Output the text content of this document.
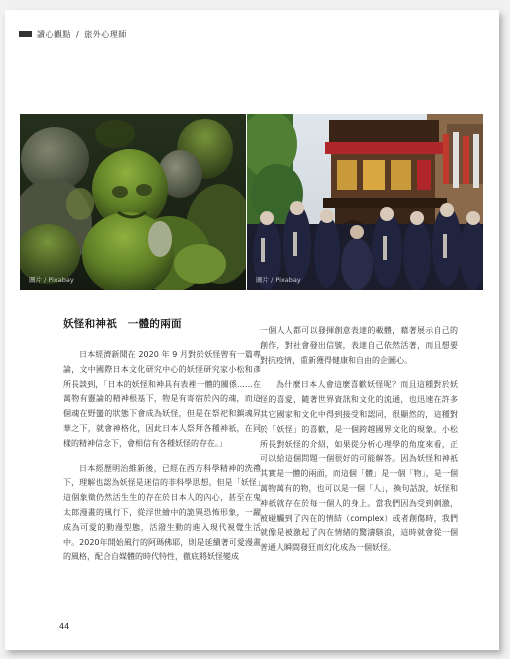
讀心觀點 / 旅外心理師
圖片 / Pixabay	圖片 / Pixabay
妖怪和神祇　一體的兩面

日本經濟新聞在 2020 年 9 月對於妖怪曾有一篇專論，文中國際日本文化研究中心的妖怪研究家小松和彥所長談到，「日本的妖怪和神具有表裡一體的關係……在萬物有靈論的精神根基下，物是有寄宿於內的魂，而這個魂在野蠻的狀態下會成為妖怪，但是在祭祀和鎮魂昇華之下，就會神格化，因此日本人祭拜各種神祇，在同樣的精神信念下，會相信有各種妖怪的存在。」

日本經歷明治維新後，已經在西方科學精神的洗禮下，理解也認為妖怪是迷信的非科學思想。但是「妖怪」這個象徵仍然活生生的存在於日本人的內心，甚至在鬼太郎漫畫的風行下，從浮世繪中的詭異恐怖形象，一躍成為可愛的動漫型態，活潑生動的進入現代視覺生活中。2020年開始風行的阿瑪佛耶，則是延續著可愛漫畫的風格，配合自媒體的時代特性，徹底將妖怪變成

一個人人都可以發揮創意表達的載體，藉著展示自己的創作，對社會發出信號，表達自己依然活著，而且想要對抗疫情，重新獲得健康和自由的企圖心。

為什麼日本人會這麼喜歡妖怪呢？而且這種對於妖怪的喜愛，隨著世界資訊和文化的流通，也迅速在許多其它國家和文化中得到接受和認同，很顯然的，這種對於「妖怪」的喜歡，是一個跨越國界文化的現象。小松所長對妖怪的介紹，如果從分析心理學的角度來看，正可以給這個問題一個很好的可能解答。因為妖怪和神祇其實是一體的兩面，而這個「體」是一個「物」，是一個萬物萬有的物，也可以是一個「人」，換句話說，妖怪和神祇就存在於每一個人的身上。當我們因為受到刺激，被碰觸到了內在的情結（complex）或者創傷時，我們就像是被激起了內在情緒的驚濤駭浪，這時就會從一個普通人瞬間發狂而幻化成為一個妖怪。

44
